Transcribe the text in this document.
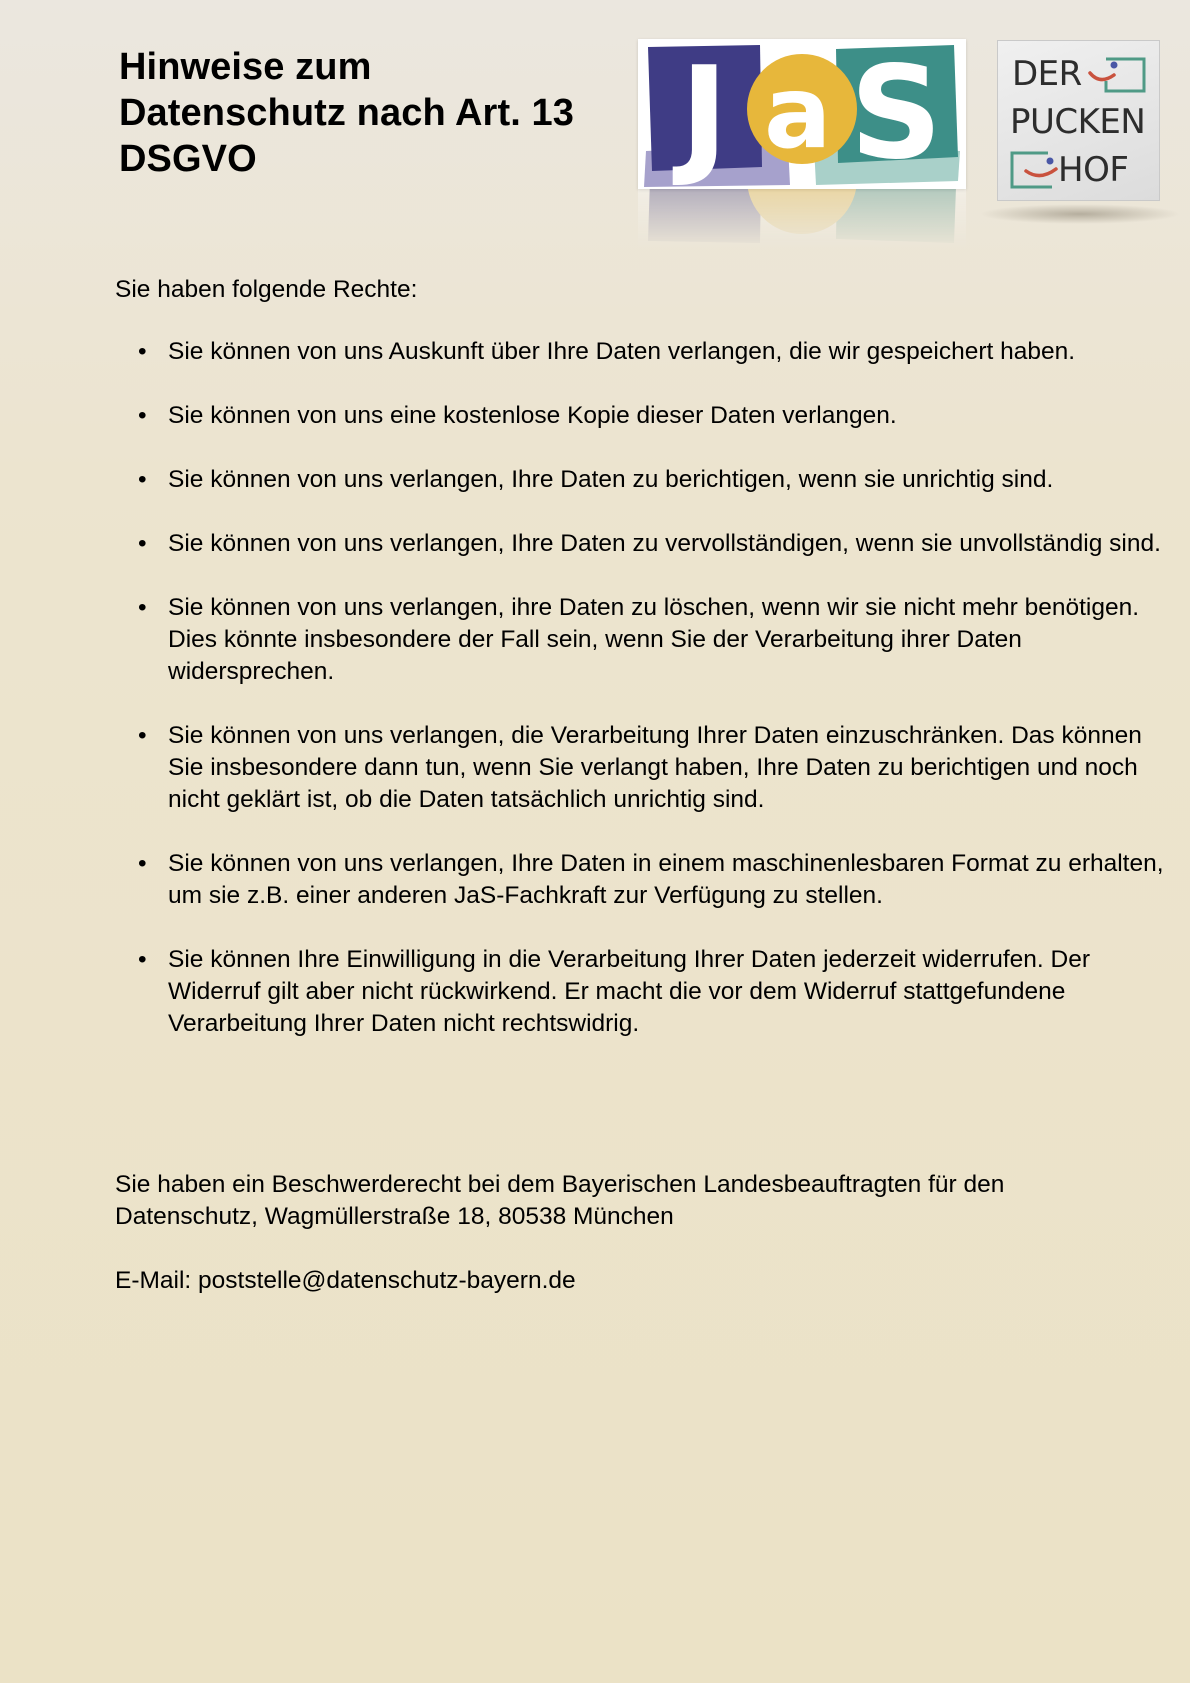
Hinweise zum
Datenschutz nach Art. 13
DSGVO	J a S DER
PUCKEN
HOF

Sie haben folgende Rechte:

• Sie können von uns Auskunft über Ihre Daten verlangen, die wir gespeichert haben.
• Sie können von uns eine kostenlose Kopie dieser Daten verlangen.
• Sie können von uns verlangen, Ihre Daten zu berichtigen, wenn sie unrichtig sind.
• Sie können von uns verlangen, Ihre Daten zu vervollständigen, wenn sie unvollständig sind.
• Sie können von uns verlangen, ihre Daten zu löschen, wenn wir sie nicht mehr benötigen. Dies könnte insbesondere der Fall sein, wenn Sie der Verarbeitung ihrer Daten widersprechen.
• Sie können von uns verlangen, die Verarbeitung Ihrer Daten einzuschränken. Das können Sie insbesondere dann tun, wenn Sie verlangt haben, Ihre Daten zu berichtigen und noch nicht geklärt ist, ob die Daten tatsächlich unrichtig sind.
• Sie können von uns verlangen, Ihre Daten in einem maschinenlesbaren Format zu erhalten, um sie z.B. einer anderen JaS-Fachkraft zur Verfügung zu stellen.
• Sie können Ihre Einwilligung in die Verarbeitung Ihrer Daten jederzeit widerrufen. Der Widerruf gilt aber nicht rückwirkend. Er macht die vor dem Widerruf stattgefundene Verarbeitung Ihrer Daten nicht rechtswidrig.

Sie haben ein Beschwerderecht bei dem Bayerischen Landesbeauftragten für den Datenschutz, Wagmüllerstraße 18, 80538 München

E-Mail: poststelle@datenschutz-bayern.de
